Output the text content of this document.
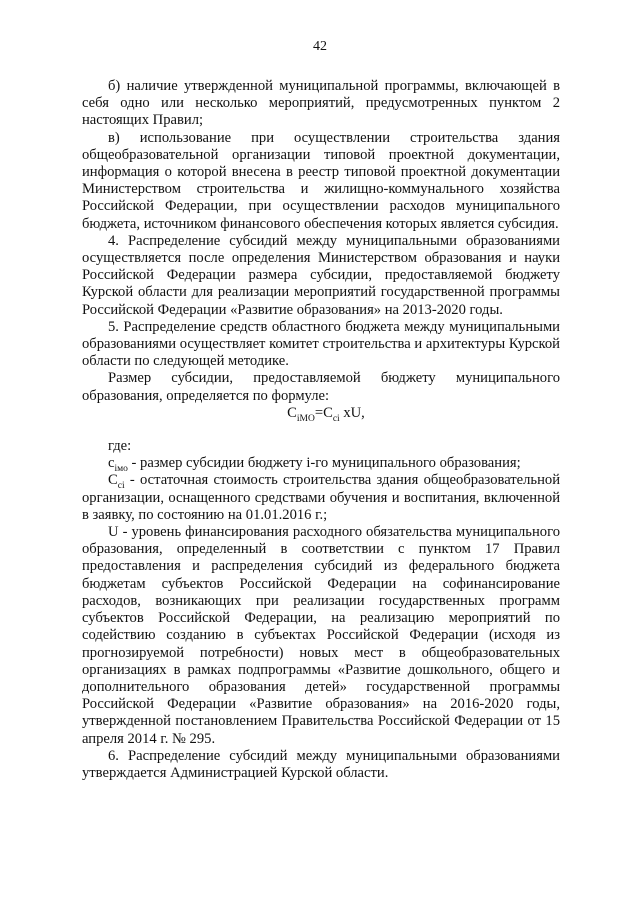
42

б) наличие утвержденной муниципальной программы, включающей в себя одно или несколько мероприятий, предусмотренных пунктом 2 настоящих Правил;

в) использование при осуществлении строительства здания общеобразовательной организации типовой проектной документации, информация о которой внесена в реестр типовой проектной документации Министерством строительства и жилищно-коммунального хозяйства Российской Федерации, при осуществлении расходов муниципального бюджета, источником финансового обеспечения которых является субсидия.

4. Распределение субсидий между муниципальными образованиями осуществляется после определения Министерством образования и науки Российской Федерации размера субсидии, предоставляемой бюджету Курской области для реализации мероприятий государственной программы Российской Федерации «Развитие образования» на 2013-2020 годы.

5. Распределение средств областного бюджета между муниципальными образованиями осуществляет комитет строительства и архитектуры Курской области по следующей методике.

Размер субсидии, предоставляемой бюджету муниципального образования, определяется по формуле:

$C_{iMO}=C_{ci}$ xU,

где:

$c_{iмо}$ - размер субсидии бюджету i-го муниципального образования;

$C_{ci}$ - остаточная стоимость строительства здания общеобразовательной организации, оснащенного средствами обучения и воспитания, включенной в заявку, по состоянию на 01.01.2016 г.;

U - уровень финансирования расходного обязательства муниципального образования, определенный в соответствии с пунктом 17 Правил предоставления и распределения субсидий из федерального бюджета бюджетам субъектов Российской Федерации на софинансирование расходов, возникающих при реализации государственных программ субъектов Российской Федерации, на реализацию мероприятий по содействию созданию в субъектах Российской Федерации (исходя из прогнозируемой потребности) новых мест в общеобразовательных организациях в рамках подпрограммы «Развитие дошкольного, общего и дополнительного образования детей» государственной программы Российской Федерации «Развитие образования» на 2016-2020 годы, утвержденной постановлением Правительства Российской Федерации от 15 апреля 2014 г. № 295.

6. Распределение субсидий между муниципальными образованиями утверждается Администрацией Курской области.
